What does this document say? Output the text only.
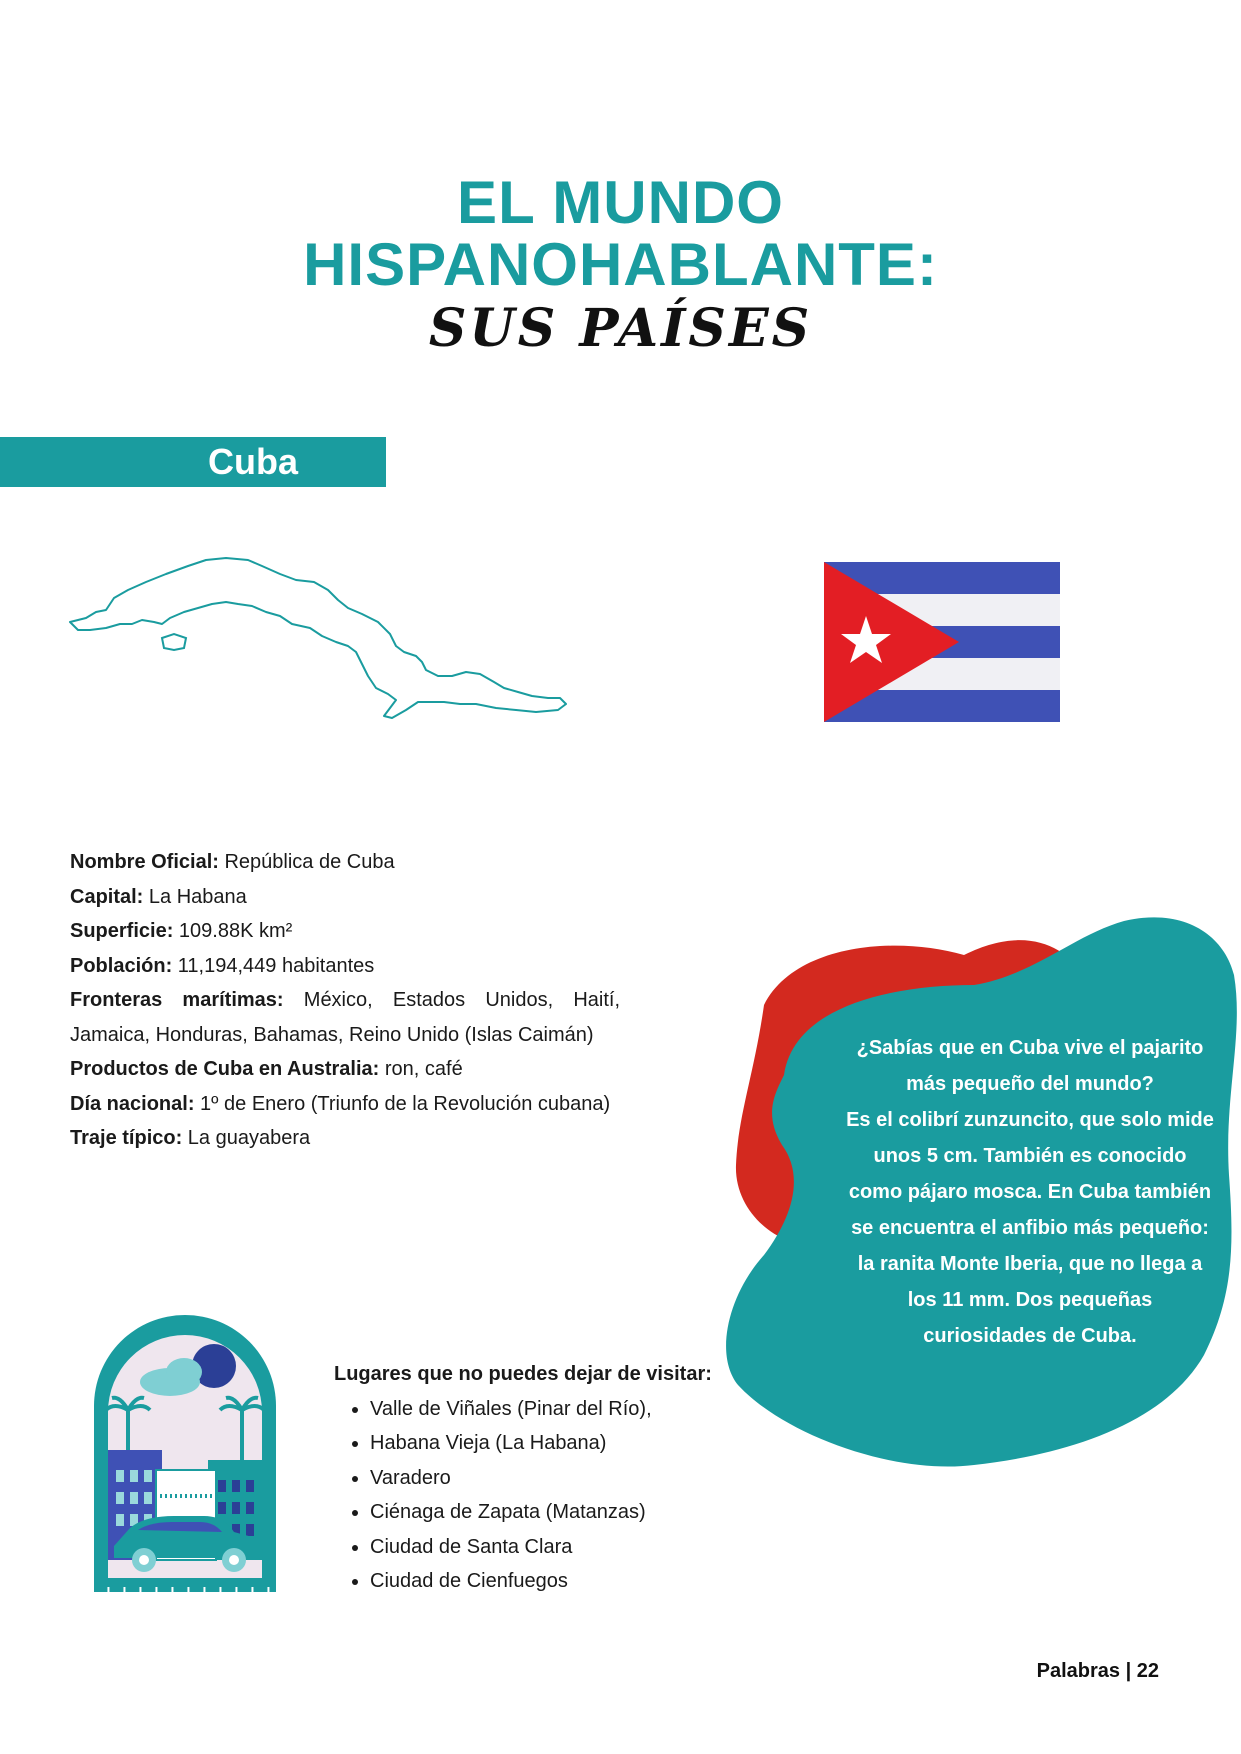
EL MUNDO
HISPANOHABLANTE:
SUS PAÍSES
Cuba

Nombre Oficial: República de Cuba

Capital: La Habana

Superficie: 109.88K km²

Población: 11,194,449 habitantes

Fronteras marítimas: México, Estados Unidos, Haití, Jamaica, Honduras, Bahamas, Reino Unido (Islas Caimán)

Productos de Cuba en Australia: ron, café

Día nacional: 1º de Enero (Triunfo de la Revolución cubana)

Traje típico: La guayabera

¿Sabías que en Cuba vive el pajarito más pequeño del mundo?

Es el colibrí zunzuncito, que solo mide unos 5 cm. También es conocido como pájaro mosca. En Cuba también se encuentra el anfibio más pequeño: la ranita Monte Iberia, que no llega a los 11 mm. Dos pequeñas curiosidades de Cuba.

Lugares que no puedes dejar de visitar:

• Valle de Viñales (Pinar del Río),
• Habana Vieja (La Habana)
• Varadero
• Ciénaga de Zapata (Matanzas)
• Ciudad de Santa Clara
• Ciudad de Cienfuegos
Palabras | 22
